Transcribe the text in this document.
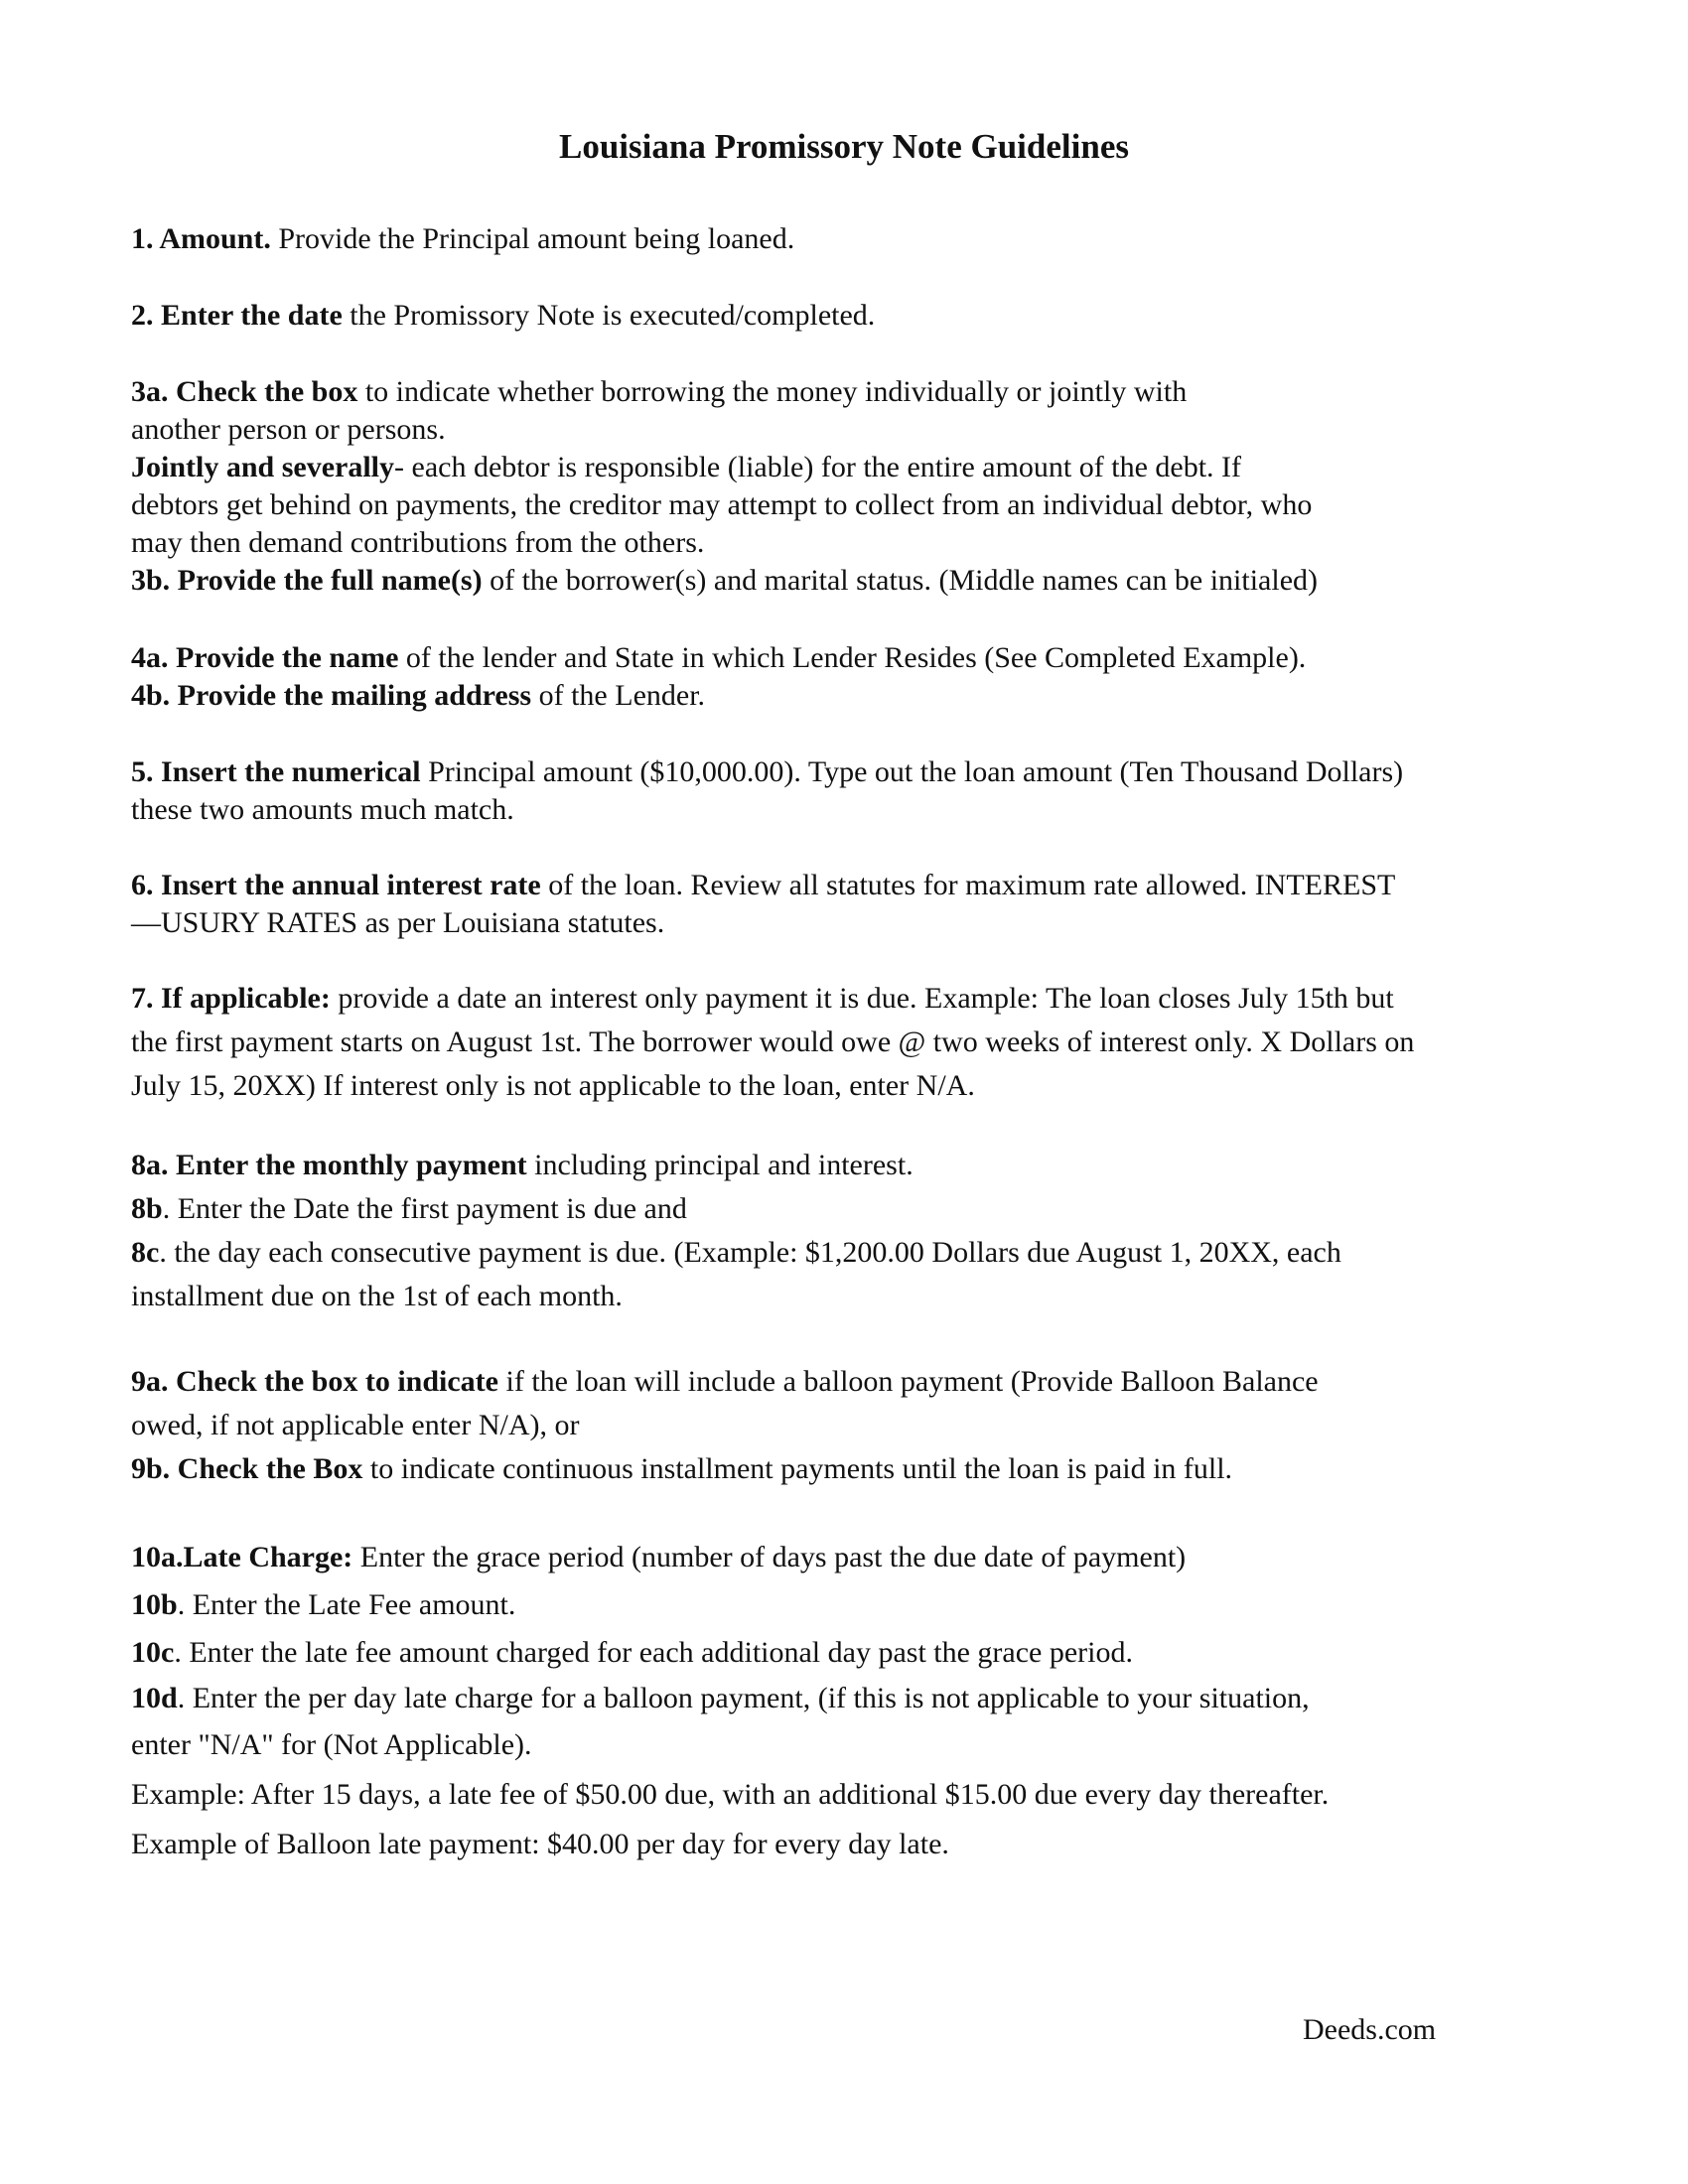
Louisiana Promissory Note Guidelines

1. Amount. Provide the Principal amount being loaned.

2. Enter the date the Promissory Note is executed/completed.

3a. Check the box to indicate whether borrowing the money individually or jointly with
another person or persons.
Jointly and severally- each debtor is responsible (liable) for the entire amount of the debt. If
debtors get behind on payments, the creditor may attempt to collect from an individual debtor, who
may then demand contributions from the others.
3b. Provide the full name(s) of the borrower(s) and marital status. (Middle names can be initialed)

4a. Provide the name of the lender and State in which Lender Resides (See Completed Example).
4b. Provide the mailing address of the Lender.

5. Insert the numerical Principal amount ($10,000.00). Type out the loan amount (Ten Thousand Dollars)
these two amounts much match.

6. Insert the annual interest rate of the loan. Review all statutes for maximum rate allowed. INTEREST
—USURY RATES as per Louisiana statutes.

7. If applicable: provide a date an interest only payment it is due. Example: The loan closes July 15th but
the first payment starts on August 1st. The borrower would owe @ two weeks of interest only. X Dollars on
July 15, 20XX) If interest only is not applicable to the loan, enter N/A.

8a. Enter the monthly payment including principal and interest.
8b. Enter the Date the first payment is due and
8c. the day each consecutive payment is due. (Example: $1,200.00 Dollars due August 1, 20XX, each
installment due on the 1st of each month.

9a. Check the box to indicate if the loan will include a balloon payment (Provide Balloon Balance
owed, if not applicable enter N/A), or
9b. Check the Box to indicate continuous installment payments until the loan is paid in full.

10a.Late Charge: Enter the grace period (number of days past the due date of payment)
10b. Enter the Late Fee amount.
10c. Enter the late fee amount charged for each additional day past the grace period.
10d. Enter the per day late charge for a balloon payment, (if this is not applicable to your situation,
enter "N/A" for (Not Applicable).
Example: After 15 days, a late fee of $50.00 due, with an additional $15.00 due every day thereafter.
Example of Balloon late payment: $40.00 per day for every day late.

Deeds.com
